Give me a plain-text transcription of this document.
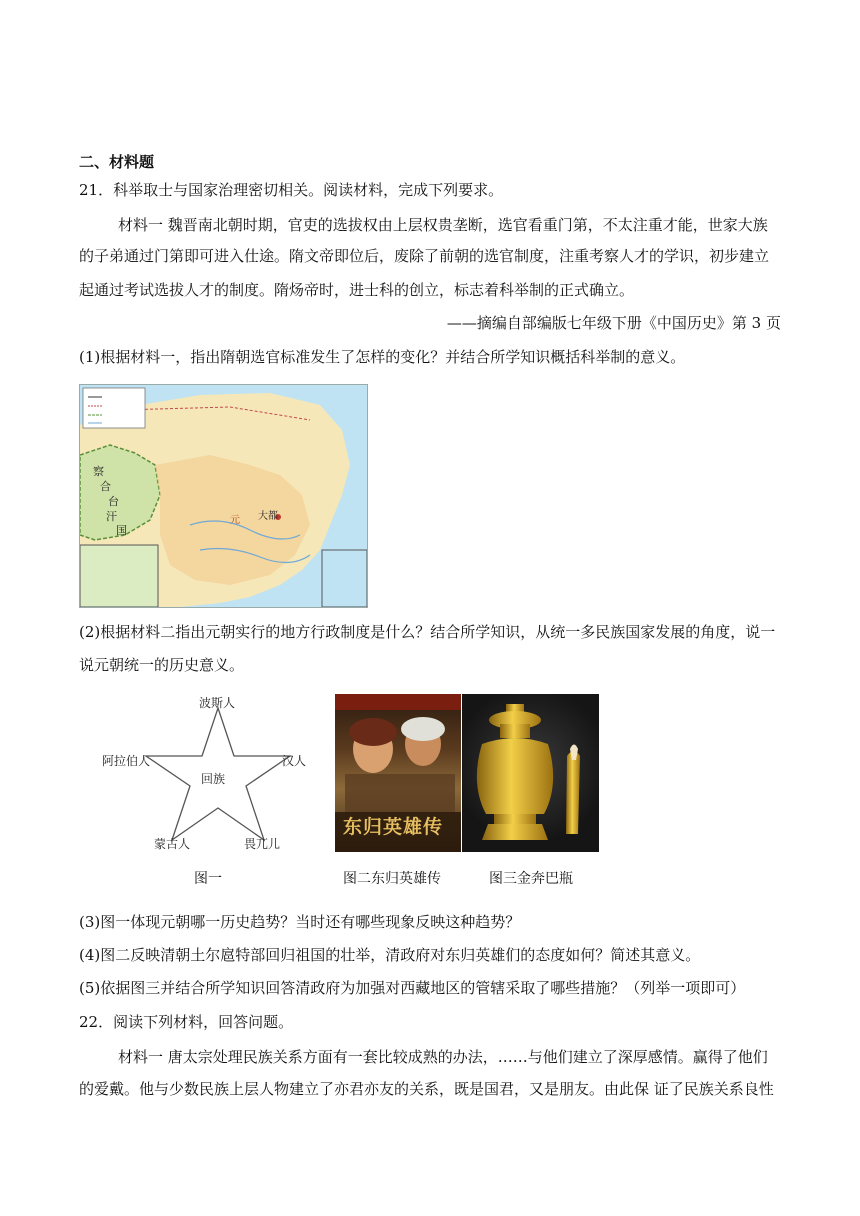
二、材料题
21．科举取士与国家治理密切相关。阅读材料，完成下列要求。
材料一 魏晋南北朝时期，官吏的选拔权由上层权贵垄断，选官看重门第，不太注重才能，世家大族
的子弟通过门第即可进入仕途。隋文帝即位后，废除了前朝的选官制度，注重考察人才的学识，初步建立
起通过考试选拔人才的制度。隋炀帝时，进士科的创立，标志着科举制的正式确立。
——摘编自部编版七年级下册《中国历史》第 3 页
(1)根据材料一，指出隋朝选官标准发生了怎样的变化？并结合所学知识概括科举制的意义。
察
合
台
汗
国
大都
元
(2)根据材料二指出元朝实行的地方行政制度是什么？结合所学知识，从统一多民族国家发展的角度，说一
说元朝统一的历史意义。
波斯人
阿拉伯人	汉人
蒙古人	畏兀儿
回族
东归英雄传
图一	图二东归英雄传	图三金奔巴瓶
(3)图一体现元朝哪一历史趋势？当时还有哪些现象反映这种趋势？
(4)图二反映清朝土尔扈特部回归祖国的壮举，清政府对东归英雄们的态度如何？简述其意义。
(5)依据图三并结合所学知识回答清政府为加强对西藏地区的管辖采取了哪些措施？（列举一项即可）
22．阅读下列材料，回答问题。
材料一 唐太宗处理民族关系方面有一套比较成熟的办法，……与他们建立了深厚感情。赢得了他们
的爱戴。他与少数民族上层人物建立了亦君亦友的关系，既是国君，又是朋友。由此保 证了民族关系良性
